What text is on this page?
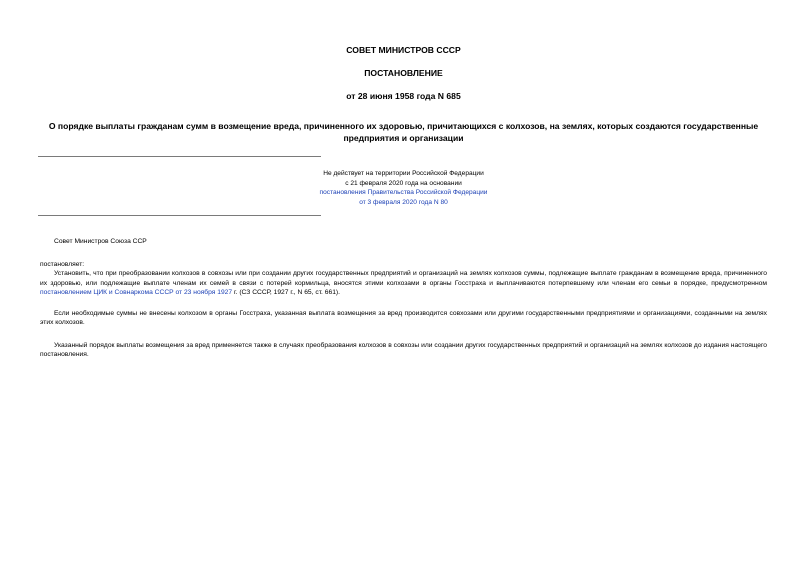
СОВЕТ МИНИСТРОВ СССР
ПОСТАНОВЛЕНИЕ
от 28 июня 1958 года N 685
О порядке выплаты гражданам сумм в возмещение вреда, причиненного их здоровью, причитающихся с колхозов, на землях, которых создаются государственные предприятия и организации
Не действует на территории Российской Федерации
с 21 февраля 2020 года на основании
постановления Правительства Российской Федерации
от 3 февраля 2020 года N 80
Совет Министров Союза ССР
постановляет:
Установить, что при преобразовании колхозов в совхозы или при создании других государственных предприятий и организаций на землях колхозов суммы, подлежащие выплате гражданам в возмещение вреда, причиненного их здоровью, или подлежащие выплате членам их семей в связи с потерей кормильца, вносятся этими колхозами в органы Госстраха и выплачиваются потерпевшему или членам его семьи в порядке, предусмотренном постановлением ЦИК и Совнаркома СССР от 23 ноября 1927 г. (СЗ СССР, 1927 г., N 65, ст. 661).
Если необходимые суммы не внесены колхозом в органы Госстраха, указанная выплата возмещения за вред производится совхозами или другими государственными предприятиями и организациями, созданными на землях этих колхозов.
Указанный порядок выплаты возмещения за вред применяется также в случаях преобразования колхозов в совхозы или создании других государственных предприятий и организаций на землях колхозов до издания настоящего постановления.
